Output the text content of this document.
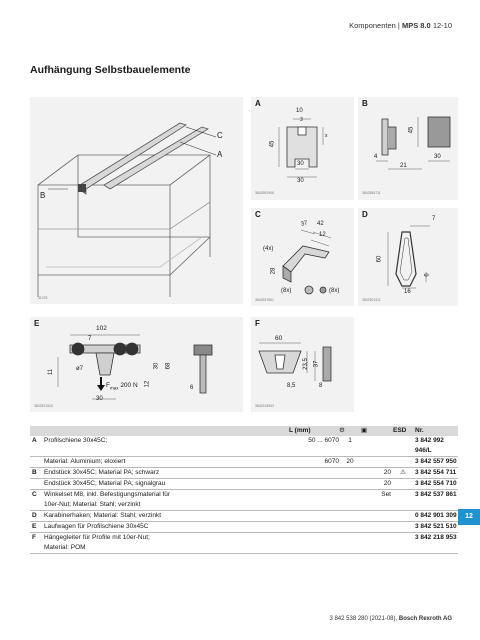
Komponenten | MPS 8.0 12-10
Aufhängung Selbstbauelemente
C
A
B
31378
A
10
3
45
x
30
30
3842992946
B
45
4
21
30
3842554711
C
37 42
12
(4x)
28
(8x)	(8x)
3842537861
D	7
60
6
16
3842901311
E
102
7
11	ø7	30 68
$F_{max}$ 200 N 12
6
30
3842521510
F
60
23,5 37
8,5	8
3842218953
		L (mm)	⚙	▣	ESD	Nr.
A	Profilschiene 30x45C;	50 ... 6070	1			3 842 992 946/L
	Material: Aluminium; eloxiert	6070	20			3 842 557 950
B	Endstück 30x45C; Material PA; schwarz			20	⚠	3 842 554 711
	Endstück 30x45C; Material PA; signalgrau			20		3 842 554 710
C	Winkelset M8, inkl. Befestigungsmaterial für			Set		3 842 537 861
	10er-Nut; Material: Stahl; verzinkt					
D	Karabinerhaken; Material: Stahl; verzinkt					0 842 901 309
E	Laufwagen für Profilschiene 30x45C					3 842 521 510
F	Hängegleiter für Profile mit 10er-Nut;					3 842 218 953
	Material: POM					
12
3 842 538 280 (2021-08), Bosch Rexroth AG
